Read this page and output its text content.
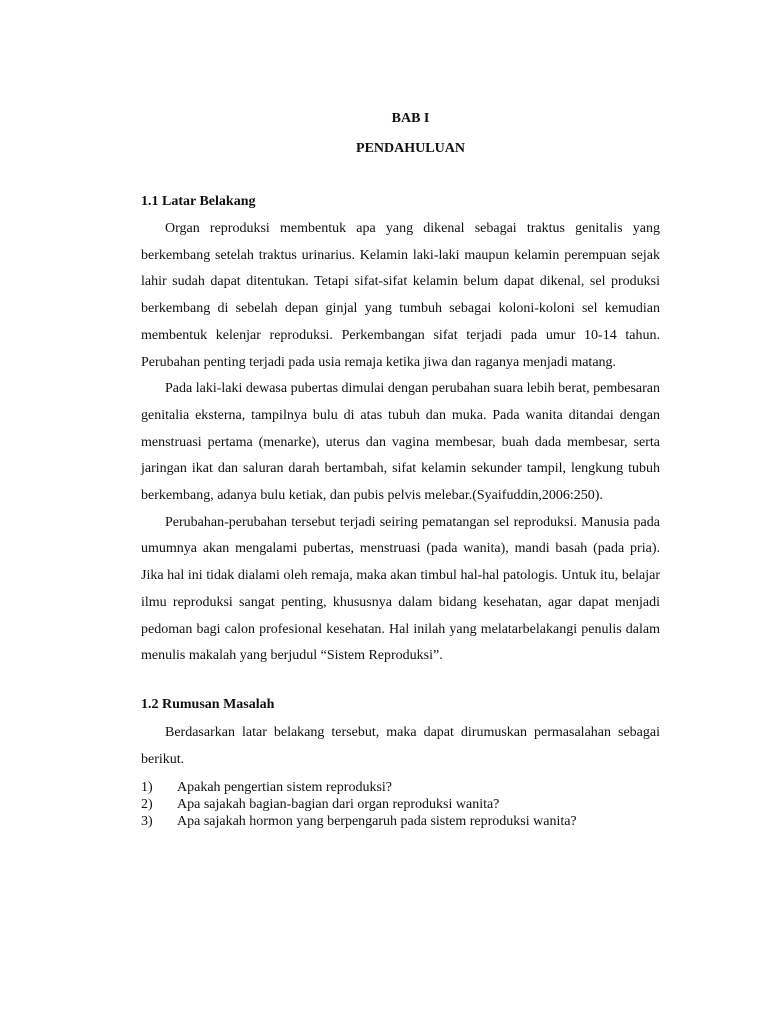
BAB I
PENDAHULUAN
1.1 Latar Belakang

Organ reproduksi membentuk apa yang dikenal sebagai traktus genitalis yang berkembang setelah traktus urinarius. Kelamin laki-laki maupun kelamin perempuan sejak lahir sudah dapat ditentukan. Tetapi sifat-sifat kelamin belum dapat dikenal, sel produksi berkembang di sebelah depan ginjal yang tumbuh sebagai koloni-koloni sel kemudian membentuk kelenjar reproduksi. Perkembangan sifat terjadi pada umur 10-14 tahun. Perubahan penting terjadi pada usia remaja ketika jiwa dan raganya menjadi matang.

Pada laki-laki dewasa pubertas dimulai dengan perubahan suara lebih berat, pembesaran genitalia eksterna, tampilnya bulu di atas tubuh dan muka. Pada wanita ditandai dengan menstruasi pertama (menarke), uterus dan vagina membesar, buah dada membesar, serta jaringan ikat dan saluran darah bertambah, sifat kelamin sekunder tampil, lengkung tubuh berkembang, adanya bulu ketiak, dan pubis pelvis melebar.(Syaifuddin,2006:250).

Perubahan-perubahan tersebut terjadi seiring pematangan sel reproduksi. Manusia pada umumnya akan mengalami pubertas, menstruasi (pada wanita), mandi basah (pada pria). Jika hal ini tidak dialami oleh remaja, maka akan timbul hal-hal patologis. Untuk itu, belajar ilmu reproduksi sangat penting, khususnya dalam bidang kesehatan, agar dapat menjadi pedoman bagi calon profesional kesehatan. Hal inilah yang melatarbelakangi penulis dalam menulis makalah yang berjudul “Sistem Reproduksi”.

1.2 Rumusan Masalah

Berdasarkan latar belakang tersebut, maka dapat dirumuskan permasalahan sebagai berikut.

1)	Apakah pengertian sistem reproduksi?
2)	Apa sajakah bagian-bagian dari organ reproduksi wanita?
3)	Apa sajakah hormon yang berpengaruh pada sistem reproduksi wanita?
